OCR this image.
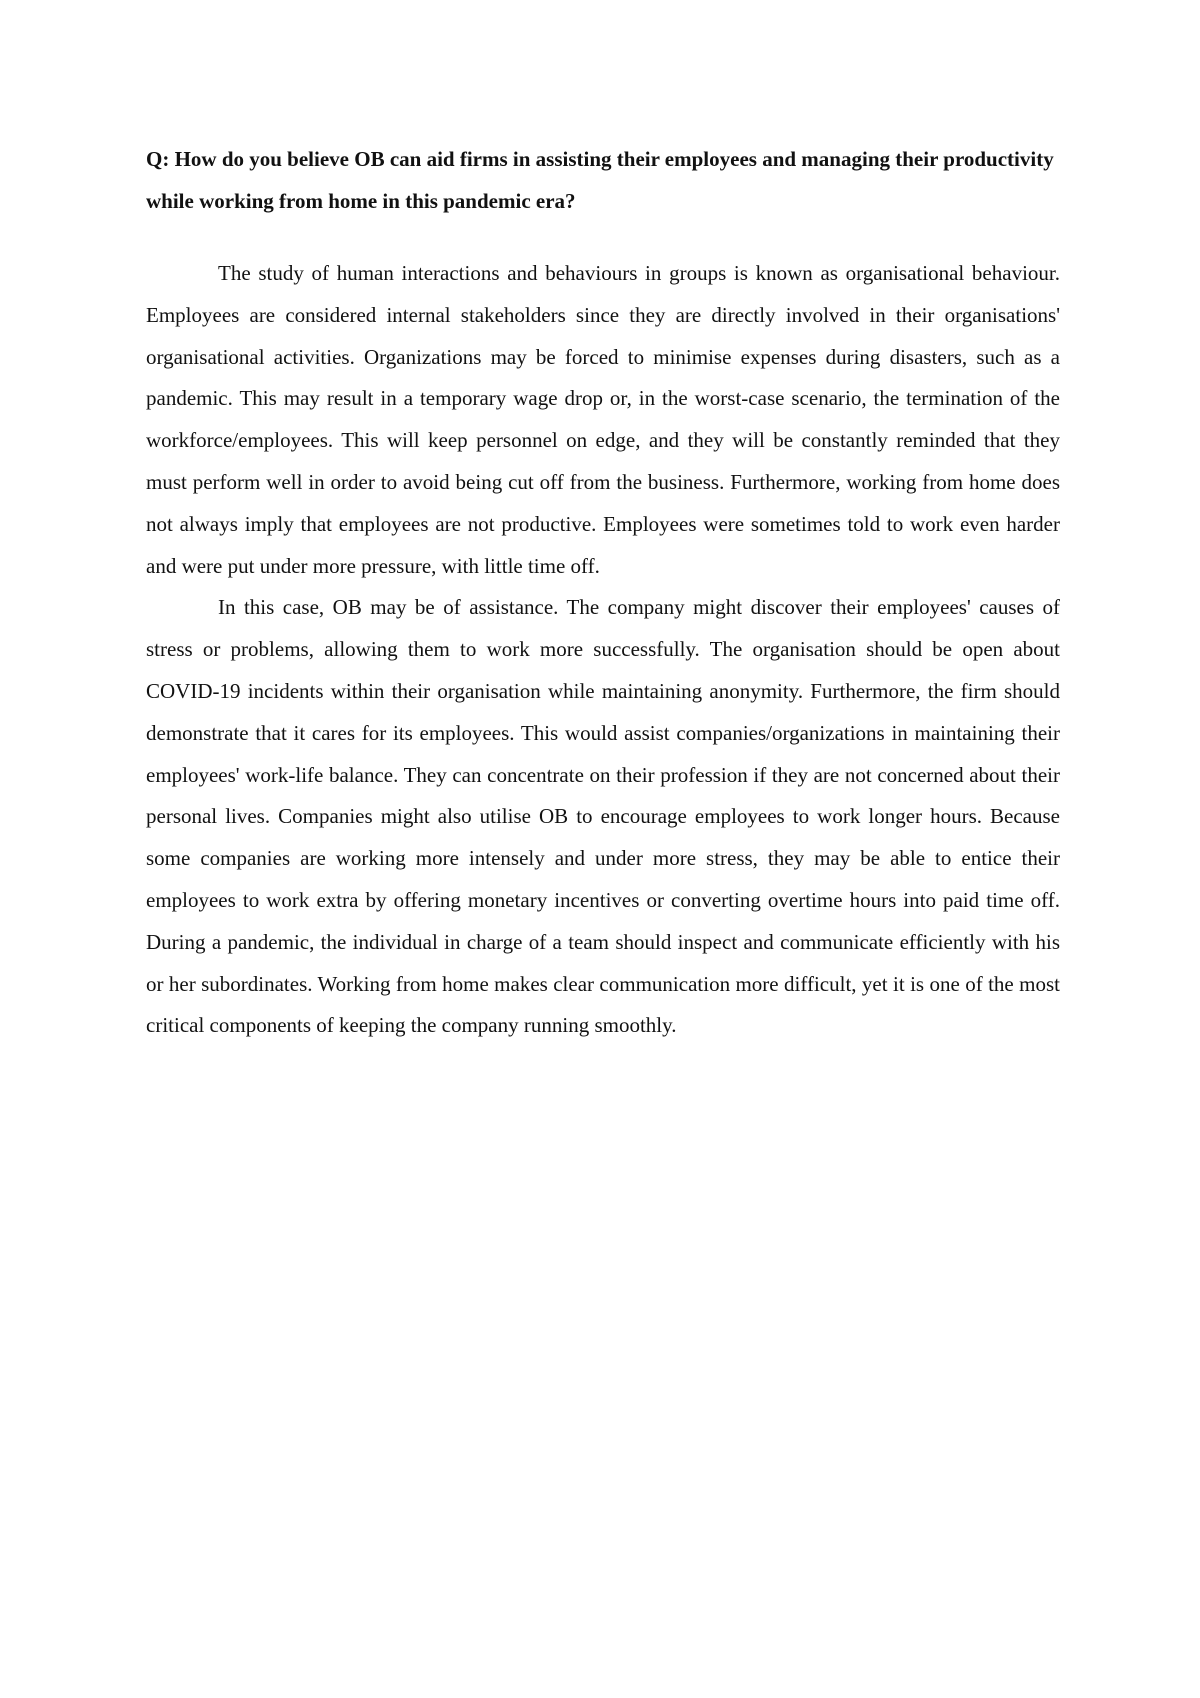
Q: How do you believe OB can aid firms in assisting their employees and managing their productivity while working from home in this pandemic era?

The study of human interactions and behaviours in groups is known as organisational behaviour. Employees are considered internal stakeholders since they are directly involved in their organisations' organisational activities. Organizations may be forced to minimise expenses during disasters, such as a pandemic. This may result in a temporary wage drop or, in the worst-case scenario, the termination of the workforce/employees. This will keep personnel on edge, and they will be constantly reminded that they must perform well in order to avoid being cut off from the business. Furthermore, working from home does not always imply that employees are not productive. Employees were sometimes told to work even harder and were put under more pressure, with little time off.

In this case, OB may be of assistance. The company might discover their employees' causes of stress or problems, allowing them to work more successfully. The organisation should be open about COVID-19 incidents within their organisation while maintaining anonymity. Furthermore, the firm should demonstrate that it cares for its employees. This would assist companies/organizations in maintaining their employees' work-life balance. They can concentrate on their profession if they are not concerned about their personal lives. Companies might also utilise OB to encourage employees to work longer hours. Because some companies are working more intensely and under more stress, they may be able to entice their employees to work extra by offering monetary incentives or converting overtime hours into paid time off. During a pandemic, the individual in charge of a team should inspect and communicate efficiently with his or her subordinates. Working from home makes clear communication more difficult, yet it is one of the most critical components of keeping the company running smoothly.
